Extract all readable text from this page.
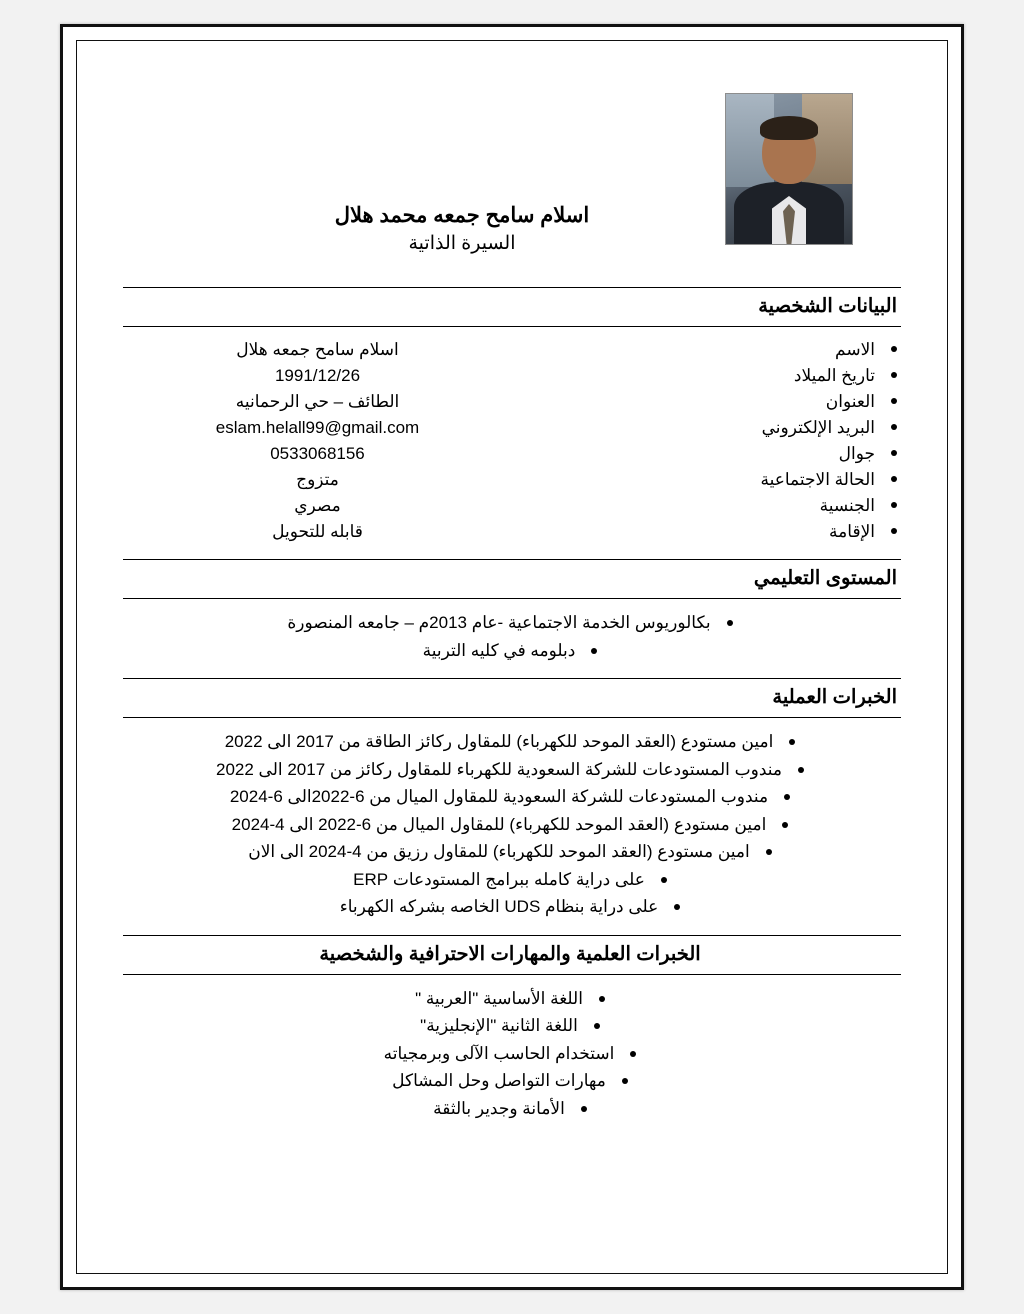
اسلام سامح جمعه محمد هلال
السيرة الذاتية
البيانات الشخصية
الاسم	اسلام سامح جمعه هلال

تاريخ الميلاد	1991/12/26

العنوان	الطائف – حي الرحمانيه

البريد الإلكتروني	eslam.helall99@gmail.com

جوال	0533068156

الحالة الاجتماعية	متزوج

الجنسية	مصري

الإقامة	قابله للتحويل
المستوى التعليمي
بكالوريوس الخدمة الاجتماعية -عام 2013م – جامعه المنصورة
دبلومه في كليه التربية
الخبرات العملية
امين مستودع (العقد الموحد للكهرباء) للمقاول ركائز الطاقة من 2017 الى 2022
مندوب المستودعات للشركة السعودية للكهرباء للمقاول ركائز من 2017 الى 2022
مندوب المستودعات للشركة السعودية للمقاول الميال من 6-2022الى 6-2024
امين مستودع (العقد الموحد للكهرباء) للمقاول الميال من 6-2022 الى 4-2024
امين مستودع (العقد الموحد للكهرباء) للمقاول رزيق من 4-2024 الى الان
على دراية كامله ببرامج المستودعات ERP
على دراية بنظام UDS الخاصه بشركه الكهرباء
الخبرات العلمية والمهارات الاحترافية والشخصية
اللغة الأساسية "العربية "
اللغة الثانية "الإنجليزية"
استخدام الحاسب الآلى وبرمجياته
مهارات التواصل وحل المشاكل
الأمانة وجدير بالثقة
